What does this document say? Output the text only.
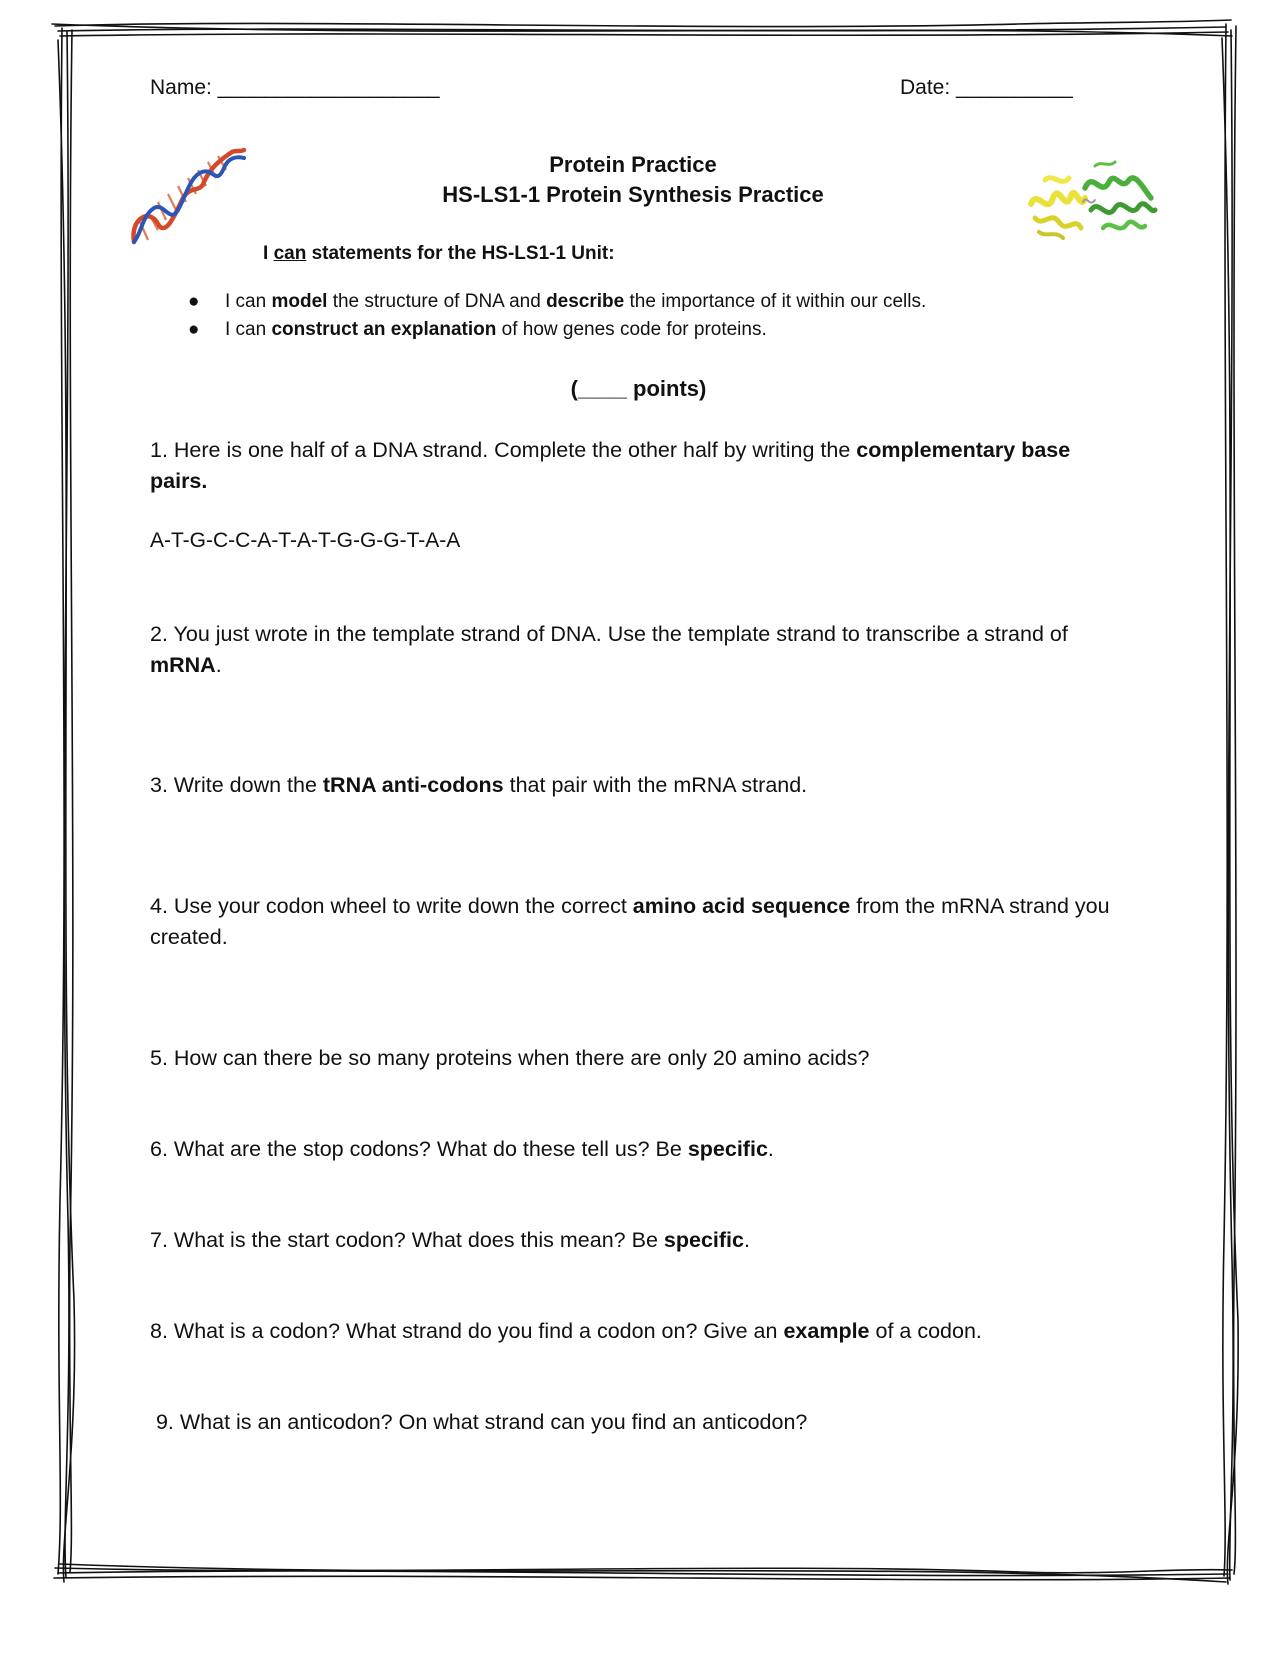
Name: ___________________	Date: __________
Protein Practice
HS-LS1-1 Protein Synthesis Practice
I can statements for the HS-LS1-1 Unit:
● I can model the structure of DNA and describe the importance of it within our cells.
● I can construct an explanation of how genes code for proteins.
(____ points)
1. Here is one half of a DNA strand. Complete the other half by writing the complementary base pairs.
A-T-G-C-C-A-T-A-T-G-G-G-T-A-A
2. You just wrote in the template strand of DNA. Use the template strand to transcribe a strand of mRNA.
3. Write down the tRNA anti-codons that pair with the mRNA strand.
4. Use your codon wheel to write down the correct amino acid sequence from the mRNA strand you created.
5. How can there be so many proteins when there are only 20 amino acids?
6. What are the stop codons? What do these tell us? Be specific.
7. What is the start codon? What does this mean? Be specific.
8. What is a codon? What strand do you find a codon on? Give an example of a codon.
9. What is an anticodon? On what strand can you find an anticodon?
